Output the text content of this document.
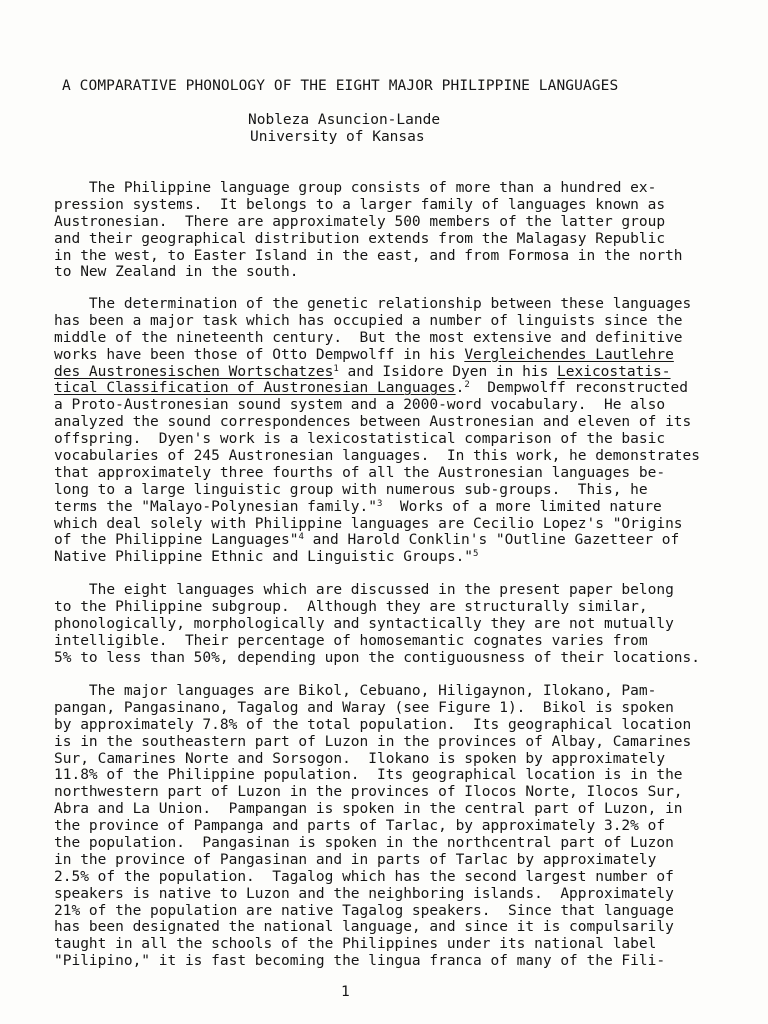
A COMPARATIVE PHONOLOGY OF THE EIGHT MAJOR PHILIPPINE LANGUAGES
Nobleza Asuncion-Lande
University of Kansas
The Philippine language group consists of more than a hundred ex-
pression systems.  It belongs to a larger family of languages known as
Austronesian.  There are approximately 500 members of the latter group
and their geographical distribution extends from the Malagasy Republic
in the west, to Easter Island in the east, and from Formosa in the north
to New Zealand in the south.
The determination of the genetic relationship between these languages
has been a major task which has occupied a number of linguists since the
middle of the nineteenth century.  But the most extensive and definitive
works have been those of Otto Dempwolff in his Vergleichendes Lautlehre
des Austronesischen Wortschatzes$^1$ and Isidore Dyen in his Lexicostatis-
tical Classification of Austronesian Languages.$^2$  Dempwolff reconstructed
a Proto-Austronesian sound system and a 2000-word vocabulary.  He also
analyzed the sound correspondences between Austronesian and eleven of its
offspring.  Dyen's work is a lexicostatistical comparison of the basic
vocabularies of 245 Austronesian languages.  In this work, he demonstrates
that approximately three fourths of all the Austronesian languages be-
long to a large linguistic group with numerous sub-groups.  This, he
terms the "Malayo-Polynesian family."$^3$  Works of a more limited nature
which deal solely with Philippine languages are Cecilio Lopez's "Origins
of the Philippine Languages"$^4$ and Harold Conklin's "Outline Gazetteer of
Native Philippine Ethnic and Linguistic Groups."$^5$
The eight languages which are discussed in the present paper belong
to the Philippine subgroup.  Although they are structurally similar,
phonologically, morphologically and syntactically they are not mutually
intelligible.  Their percentage of homosemantic cognates varies from
5% to less than 50%, depending upon the contiguousness of their locations.
The major languages are Bikol, Cebuano, Hiligaynon, Ilokano, Pam-
pangan, Pangasinano, Tagalog and Waray (see Figure 1).  Bikol is spoken
by approximately 7.8% of the total population.  Its geographical location
is in the southeastern part of Luzon in the provinces of Albay, Camarines
Sur, Camarines Norte and Sorsogon.  Ilokano is spoken by approximately
11.8% of the Philippine population.  Its geographical location is in the
northwestern part of Luzon in the provinces of Ilocos Norte, Ilocos Sur,
Abra and La Union.  Pampangan is spoken in the central part of Luzon, in
the province of Pampanga and parts of Tarlac, by approximately 3.2% of
the population.  Pangasinan is spoken in the northcentral part of Luzon
in the province of Pangasinan and in parts of Tarlac by approximately
2.5% of the population.  Tagalog which has the second largest number of
speakers is native to Luzon and the neighboring islands.  Approximately
21% of the population are native Tagalog speakers.  Since that language
has been designated the national language, and since it is compulsarily
taught in all the schools of the Philippines under its national label
"Pilipino," it is fast becoming the lingua franca of many of the Fili-
1
